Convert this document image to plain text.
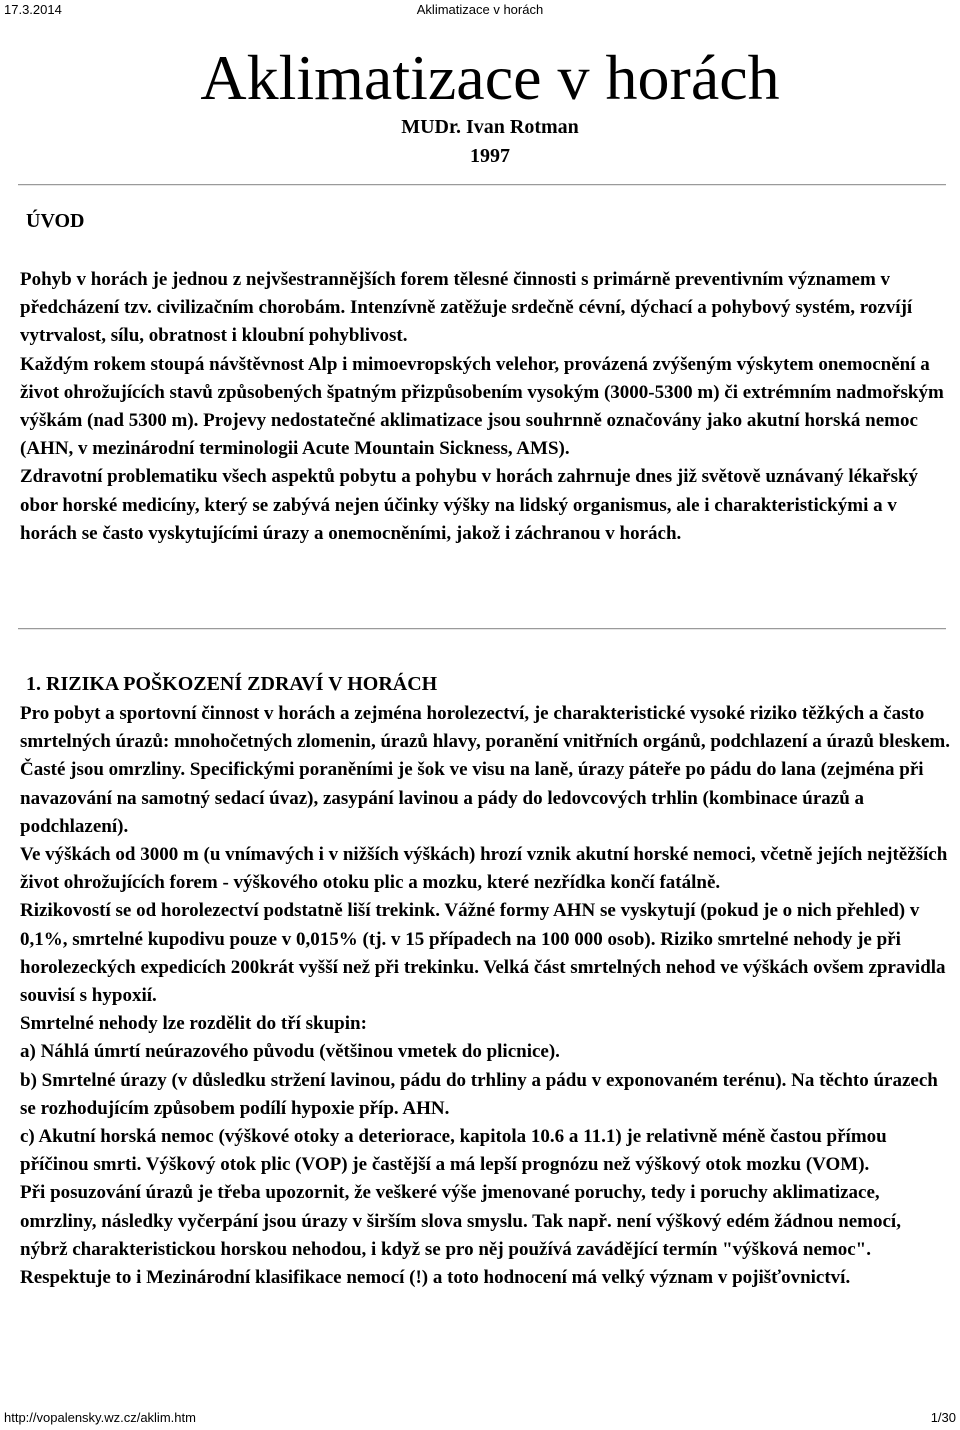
17.3.2014	Aklimatizace v horách
Aklimatizace v horách
MUDr. Ivan Rotman
1997
ÚVOD

Pohyb v horách je jednou z nejvšestrannějších forem tělesné činnosti s primárně preventivním významem v předcházení tzv. civilizačním chorobám. Intenzívně zatěžuje srdečně cévní, dýchací a pohybový systém, rozvíjí vytrvalost, sílu, obratnost i kloubní pohyblivost.

Každým rokem stoupá návštěvnost Alp i mimoevropských velehor, provázená zvýšeným výskytem onemocnění a život ohrožujících stavů způsobených špatným přizpůsobením vysokým (3000-5300 m) či extrémním nadmořským výškám (nad 5300 m). Projevy nedostatečné aklimatizace jsou souhrnně označovány jako akutní horská nemoc (AHN, v mezinárodní terminologii Acute Mountain Sickness, AMS).

Zdravotní problematiku všech aspektů pobytu a pohybu v horách zahrnuje dnes již světově uznávaný lékařský obor horské medicíny, který se zabývá nejen účinky výšky na lidský organismus, ale i charakteristickými a v horách se často vyskytujícími úrazy a onemocněními, jakož i záchranou v horách.

1. RIZIKA POŠKOZENÍ ZDRAVÍ V HORÁCH

Pro pobyt a sportovní činnost v horách a zejména horolezectví, je charakteristické vysoké riziko těžkých a často smrtelných úrazů: mnohočetných zlomenin, úrazů hlavy, poranění vnitřních orgánů, podchlazení a úrazů bleskem. Časté jsou omrzliny. Specifickými poraněními je šok ve visu na laně, úrazy páteře po pádu do lana (zejména při navazování na samotný sedací úvaz), zasypání lavinou a pády do ledovcových trhlin (kombinace úrazů a podchlazení).

Ve výškách od 3000 m (u vnímavých i v nižších výškách) hrozí vznik akutní horské nemoci, včetně jejích nejtěžších život ohrožujících forem - výškového otoku plic a mozku, které nezřídka končí fatálně.

Rizikovostí se od horolezectví podstatně liší trekink. Vážné formy AHN se vyskytují (pokud je o nich přehled) v 0,1%, smrtelné kupodivu pouze v 0,015% (tj. v 15 případech na 100 000 osob). Riziko smrtelné nehody je při horolezeckých expedicích 200krát vyšší než při trekinku. Velká část smrtelných nehod ve výškách ovšem zpravidla souvisí s hypoxií.

Smrtelné nehody lze rozdělit do tří skupin:

a) Náhlá úmrtí neúrazového původu (většinou vmetek do plicnice).

b) Smrtelné úrazy (v důsledku stržení lavinou, pádu do trhliny a pádu v exponovaném terénu). Na těchto úrazech se rozhodujícím způsobem podílí hypoxie příp. AHN.

c) Akutní horská nemoc (výškové otoky a deteriorace, kapitola 10.6 a 11.1) je relativně méně častou přímou příčinou smrti. Výškový otok plic (VOP) je častější a má lepší prognózu než výškový otok mozku (VOM).

Při posuzování úrazů je třeba upozornit, že veškeré výše jmenované poruchy, tedy i poruchy aklimatizace, omrzliny, následky vyčerpání jsou úrazy v širším slova smyslu. Tak např. není výškový edém žádnou nemocí, nýbrž charakteristickou horskou nehodou, i když se pro něj používá zavádějící termín "výšková nemoc". Respektuje to i Mezinárodní klasifikace nemocí (!) a toto hodnocení má velký význam v pojišťovnictví.

http://vopalensky.wz.cz/aklim.htm	1/30
